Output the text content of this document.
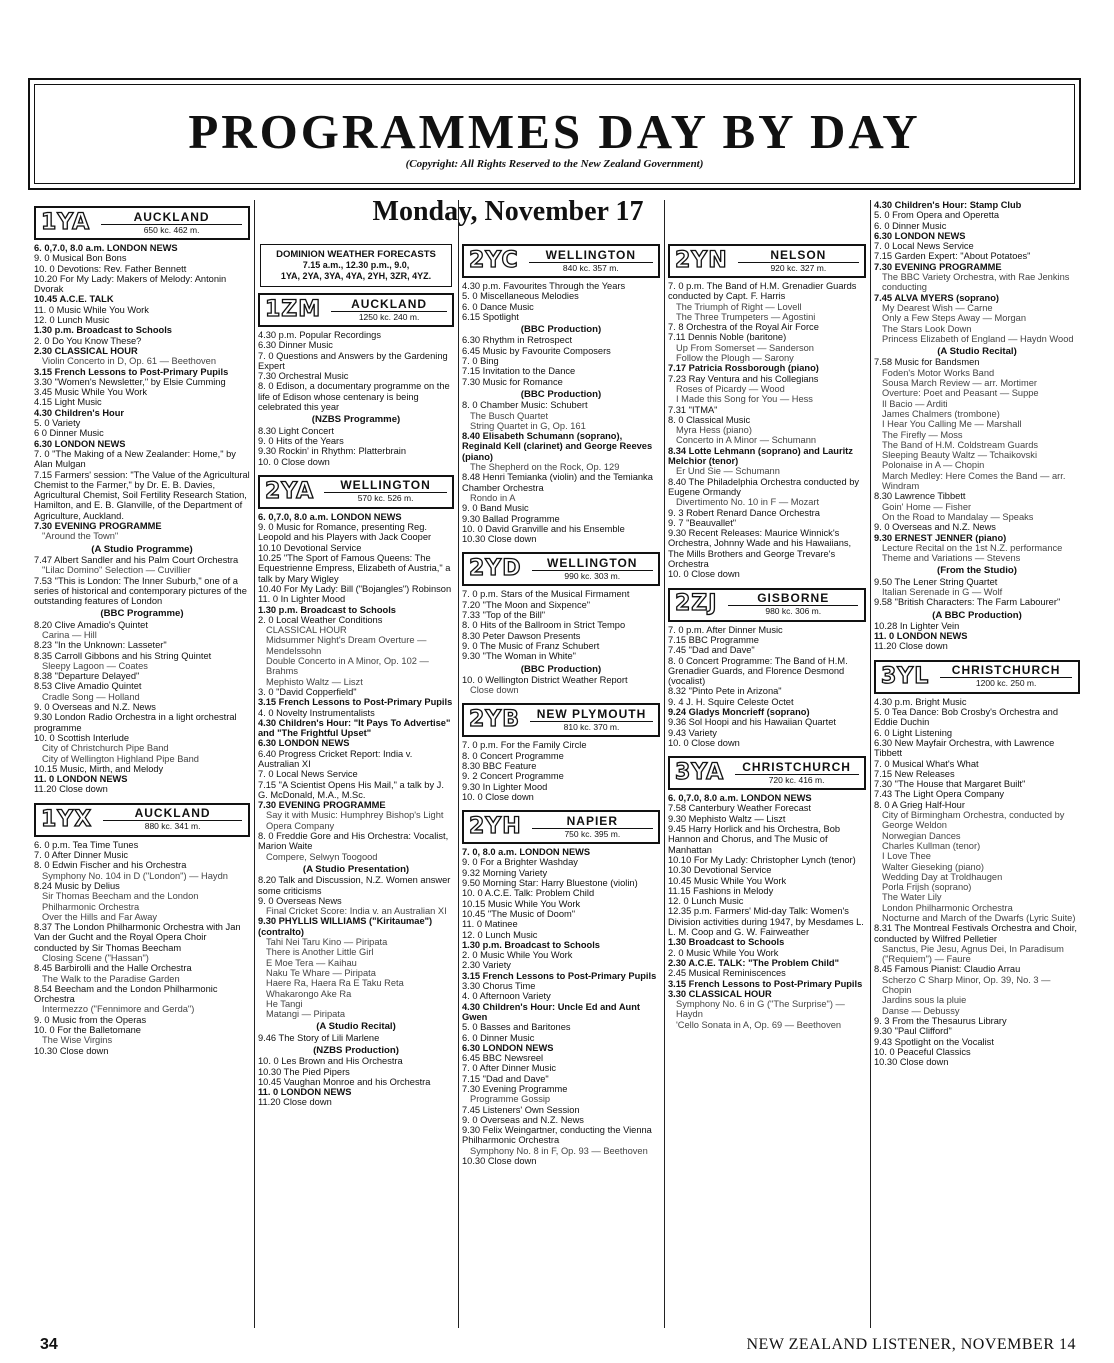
PROGRAMMES DAY BY DAY
(Copyright: All Rights Reserved to the New Zealand Government)
Monday, November 17
1YA	AUCKLAND
650 kc. 462 m.
6. 0,7.0, 8.0 a.m. LONDON NEWS
9. 0 Musical Bon Bons
10. 0 Devotions: Rev. Father Bennett
10.20 For My Lady: Makers of Melody: Antonin Dvorak
10.45 A.C.E. TALK
11. 0 Music While You Work
12. 0 Lunch Music
1.30 p.m. Broadcast to Schools
2. 0 Do You Know These?
2.30 CLASSICAL HOUR
Violin Concerto in D, Op. 61 — Beethoven
3.15 French Lessons to Post-Primary Pupils
3.30 "Women's Newsletter," by Elsie Cumming
3.45 Music While You Work
4.15 Light Music
4.30 Children's Hour
5. 0 Variety
6 0 Dinner Music
6.30 LONDON NEWS
7. 0 "The Making of a New Zealander: Home," by Alan Mulgan
7.15 Farmers' session: "The Value of the Agricultural Chemist to the Farmer," by Dr. E. B. Davies, Agricultural Chemist, Soil Fertility Research Station, Hamilton, and E. B. Glanville, of the Department of Agriculture, Auckland.
7.30 EVENING PROGRAMME
"Around the Town"
(A Studio Programme)
7.47 Albert Sandler and his Palm Court Orchestra
"Lilac Domino" Selection — Cuvillier
7.53 "This is London: The Inner Suburb," one of a series of historical and contemporary pictures of the outstanding features of London
(BBC Programme)
8.20 Clive Amadio's Quintet
Carina — Hill
8.23 "In the Unknown: Lasseter"
8.35 Carroll Gibbons and his String Quintet
Sleepy Lagoon — Coates
8.38 "Departure Delayed"
8.53 Clive Amadio Quintet
Cradle Song — Holland
9. 0 Overseas and N.Z. News
9.30 London Radio Orchestra in a light orchestral programme
10. 0 Scottish Interlude
City of Christchurch Pipe Band
City of Wellington Highland Pipe Band
10.15 Music, Mirth, and Melody
11. 0 LONDON NEWS
11.20 Close down
1YX	AUCKLAND
880 kc. 341 m.
6. 0 p.m. Tea Time Tunes
7. 0 After Dinner Music
8. 0 Edwin Fischer and his Orchestra
Symphony No. 104 in D ("London") — Haydn
8.24 Music by Delius
Sir Thomas Beecham and the London Philharmonic Orchestra
Over the Hills and Far Away
8.37 The London Philharmonic Orchestra with Jan Van der Gucht and the Royal Opera Choir conducted by Sir Thomas Beecham
Closing Scene ("Hassan")
8.45 Barbirolli and the Halle Orchestra
The Walk to the Paradise Garden
8.54 Beecham and the London Philharmonic Orchestra
Intermezzo ("Fennimore and Gerda")
9. 0 Music from the Operas
10. 0 For the Balletomane
The Wise Virgins
10.30 Close down
DOMINION WEATHER FORECASTS
7.15 a.m., 12.30 p.m., 9.0,
1YA, 2YA, 3YA, 4YA, 2YH, 3ZR, 4YZ.
1ZM	AUCKLAND
1250 kc. 240 m.
4.30 p.m. Popular Recordings
6.30 Dinner Music
7. 0 Questions and Answers by the Gardening Expert
7.30 Orchestral Music
8. 0 Edison, a documentary programme on the life of Edison whose centenary is being celebrated this year
(NZBS Programme)
8.30 Light Concert
9. 0 Hits of the Years
9.30 Rockin' in Rhythm: Platterbrain
10. 0 Close down
2YA	WELLINGTON
570 kc. 526 m.
6. 0,7.0, 8.0 a.m. LONDON NEWS
9. 0 Music for Romance, presenting Reg. Leopold and his Players with Jack Cooper
10.10 Devotional Service
10.25 "The Sport of Famous Queens: The Equestrienne Empress, Elizabeth of Austria," a talk by Mary Wigley
10.40 For My Lady: Bill ("Bojangles") Robinson
11. 0 In Lighter Mood
1.30 p.m. Broadcast to Schools
2. 0 Local Weather Conditions
CLASSICAL HOUR
Midsummer Night's Dream Overture — Mendelssohn
Double Concerto in A Minor, Op. 102 — Brahms
Mephisto Waltz — Liszt
3. 0 "David Copperfield"
3.15 French Lessons to Post-Primary Pupils
4. 0 Novelty Instrumentalists
4.30 Children's Hour: "It Pays To Advertise" and "The Frightful Upset"
6.30 LONDON NEWS
6.40 Progress Cricket Report: India v. Australian XI
7. 0 Local News Service
7.15 "A Scientist Opens His Mail," a talk by J. G. McDonald, M.A., M.Sc.
7.30 EVENING PROGRAMME
Say it with Music: Humphrey Bishop's Light Opera Company
8. 0 Freddie Gore and His Orchestra: Vocalist, Marion Waite
Compere, Selwyn Toogood
(A Studio Presentation)
8.20 Talk and Discussion, N.Z. Women answer some criticisms
9. 0 Overseas News
Final Cricket Score: India v. an Australian XI
9.30 PHYLLIS WILLIAMS ("Kiritaumae") (contralto)
Tahi Nei Taru Kino — Piripata
There is Another Little Girl
E Moe Tera — Kaihau
Naku Te Whare — Piripata
Haere Ra, Haera Ra E Taku Reta
Whakarongo Ake Ra
He Tangi
Matangi — Piripata
(A Studio Recital)
9.46 The Story of Lili Marlene
(NZBS Production)
10. 0 Les Brown and His Orchestra
10.30 The Pied Pipers
10.45 Vaughan Monroe and his Orchestra
11. 0 LONDON NEWS
11.20 Close down
2YC	WELLINGTON
840 kc. 357 m.
4.30 p.m. Favourites Through the Years
5. 0 Miscellaneous Melodies
6. 0 Dance Music
6.15 Spotlight
(BBC Production)
6.30 Rhythm in Retrospect
6.45 Music by Favourite Composers
7. 0 Bing
7.15 Invitation to the Dance
7.30 Music for Romance
(BBC Production)
8. 0 Chamber Music: Schubert
The Busch Quartet
String Quartet in G, Op. 161
8.40 Elisabeth Schumann (soprano), Reginald Kell (clarinet) and George Reeves (piano)
The Shepherd on the Rock, Op. 129
8.48 Henri Temianka (violin) and the Temianka Chamber Orchestra
Rondo in A
9. 0 Band Music
9.30 Ballad Programme
10. 0 David Granville and his Ensemble
10.30 Close down
2YD	WELLINGTON
990 kc. 303 m.
7. 0 p.m. Stars of the Musical Firmament
7.20 "The Moon and Sixpence"
7.33 "Top of the Bill"
8. 0 Hits of the Ballroom in Strict Tempo
8.30 Peter Dawson Presents
9. 0 The Music of Franz Schubert
9.30 "The Woman in White"
(BBC Production)
10. 0 Wellington District Weather Report
Close down
2YB	NEW PLYMOUTH
810 kc. 370 m.
7. 0 p.m. For the Family Circle
8. 0 Concert Programme
8.30 BBC Feature
9. 2 Concert Programme
9.30 In Lighter Mood
10. 0 Close down
2YH	NAPIER
750 kc. 395 m.
7. 0, 8.0 a.m. LONDON NEWS
9. 0 For a Brighter Washday
9.32 Morning Variety
9.50 Morning Star: Harry Bluestone (violin)
10. 0 A.C.E. Talk: Problem Child
10.15 Music While You Work
10.45 "The Music of Doom"
11. 0 Matinee
12. 0 Lunch Music
1.30 p.m. Broadcast to Schools
2. 0 Music While You Work
2.30 Variety
3.15 French Lessons to Post-Primary Pupils
3.30 Chorus Time
4. 0 Afternoon Variety
4.30 Children's Hour: Uncle Ed and Aunt Gwen
5. 0 Basses and Baritones
6. 0 Dinner Music
6.30 LONDON NEWS
6.45 BBC Newsreel
7. 0 After Dinner Music
7.15 "Dad and Dave"
7.30 Evening Programme
Programme Gossip
7.45 Listeners' Own Session
9. 0 Overseas and N.Z. News
9.30 Felix Weingartner, conducting the Vienna Philharmonic Orchestra
Symphony No. 8 in F, Op. 93 — Beethoven
10.30 Close down
2YN	NELSON
920 kc. 327 m.
7. 0 p.m. The Band of H.M. Grenadier Guards conducted by Capt. F. Harris
The Triumph of Right — Lovell
The Three Trumpeters — Agostini
7. 8 Orchestra of the Royal Air Force
7.11 Dennis Noble (baritone)
Up From Somerset — Sanderson
Follow the Plough — Sarony
7.17 Patricia Rossborough (piano)
7.23 Ray Ventura and his Collegians
Roses of Picardy — Wood
I Made this Song for You — Hess
7.31 "ITMA"
8. 0 Classical Music
Myra Hess (piano)
Concerto in A Minor — Schumann
8.34 Lotte Lehmann (soprano) and Lauritz Melchior (tenor)
Er Und Sie — Schumann
8.40 The Philadelphia Orchestra conducted by Eugene Ormandy
Divertimento No. 10 in F — Mozart
9. 3 Robert Renard Dance Orchestra
9. 7 "Beauvallet"
9.30 Recent Releases: Maurice Winnick's Orchestra, Johnny Wade and his Hawaiians, The Mills Brothers and George Trevare's Orchestra
10. 0 Close down
2ZJ	GISBORNE
980 kc. 306 m.
7. 0 p.m. After Dinner Music
7.15 BBC Programme
7.45 "Dad and Dave"
8. 0 Concert Programme: The Band of H.M. Grenadier Guards, and Florence Desmond (vocalist)
8.32 "Pinto Pete in Arizona"
9. 4 J. H. Squire Celeste Octet
9.24 Gladys Moncrieff (soprano)
9.36 Sol Hoopi and his Hawaiian Quartet
9.43 Variety
10. 0 Close down
3YA	CHRISTCHURCH
720 kc. 416 m.
6. 0,7.0, 8.0 a.m. LONDON NEWS
7.58 Canterbury Weather Forecast
9.30 Mephisto Waltz — Liszt
9.45 Harry Horlick and his Orchestra, Bob Hannon and Chorus, and The Music of Manhattan
10.10 For My Lady: Christopher Lynch (tenor)
10.30 Devotional Service
10.45 Music While You Work
11.15 Fashions in Melody
12. 0 Lunch Music
12.35 p.m. Farmers' Mid-day Talk: Women's Division activities during 1947, by Mesdames L. L. M. Coop and G. W. Fairweather
1.30 Broadcast to Schools
2. 0 Music While You Work
2.30 A.C.E. TALK: "The Problem Child"
2.45 Musical Reminiscences
3.15 French Lessons to Post-Primary Pupils
3.30 CLASSICAL HOUR
Symphony No. 6 in G ("The Surprise") — Haydn
'Cello Sonata in A, Op. 69 — Beethoven
4.30 Children's Hour: Stamp Club
5. 0 From Opera and Operetta
6. 0 Dinner Music
6.30 LONDON NEWS
7. 0 Local News Service
7.15 Garden Expert: "About Potatoes"
7.30 EVENING PROGRAMME
The BBC Variety Orchestra, with Rae Jenkins conducting
7.45 ALVA MYERS (soprano)
My Dearest Wish — Carne
Only a Few Steps Away — Morgan
The Stars Look Down
Princess Elizabeth of England — Haydn Wood
(A Studio Recital)
7.58 Music for Bandsmen
Foden's Motor Works Band
Sousa March Review — arr. Mortimer
Overture: Poet and Peasant — Suppe
Il Bacio — Arditi
James Chalmers (trombone)
I Hear You Calling Me — Marshall
The Firefly — Moss
The Band of H.M. Coldstream Guards
Sleeping Beauty Waltz — Tchaikovski
Polonaise in A — Chopin
March Medley: Here Comes the Band — arr. Windram
8.30 Lawrence Tibbett
Goin' Home — Fisher
On the Road to Mandalay — Speaks
9. 0 Overseas and N.Z. News
9.30 ERNEST JENNER (piano)
Lecture Recital on the 1st N.Z. performance
Theme and Variations — Stevens
(From the Studio)
9.50 The Lener String Quartet
Italian Serenade in G — Wolf
9.58 "British Characters: The Farm Labourer"
(A BBC Production)
10.28 In Lighter Vein
11. 0 LONDON NEWS
11.20 Close down
3YL	CHRISTCHURCH
1200 kc. 250 m.
4.30 p.m. Bright Music
5. 0 Tea Dance: Bob Crosby's Orchestra and Eddie Duchin
6. 0 Light Listening
6.30 New Mayfair Orchestra, with Lawrence Tibbett
7. 0 Musical What's What
7.15 New Releases
7.30 "The House that Margaret Built"
7.43 The Light Opera Company
8. 0 A Grieg Half-Hour
City of Birmingham Orchestra, conducted by George Weldon
Norwegian Dances
Charles Kullman (tenor)
I Love Thee
Walter Gieseking (piano)
Wedding Day at Troldhaugen
Porla Frijsh (soprano)
The Water Lily
London Philharmonic Orchestra
Nocturne and March of the Dwarfs (Lyric Suite)
8.31 The Montreal Festivals Orchestra and Choir, conducted by Wilfred Pelletier
Sanctus, Pie Jesu, Agnus Dei, In Paradisum ("Requiem") — Faure
8.45 Famous Pianist: Claudio Arrau
Scherzo C Sharp Minor, Op. 39, No. 3 — Chopin
Jardins sous la pluie
Danse — Debussy
9. 3 From the Thesaurus Library
9.30 "Paul Clifford"
9.43 Spotlight on the Vocalist
10. 0 Peaceful Classics
10.30 Close down
34	NEW ZEALAND LISTENER, NOVEMBER 14
